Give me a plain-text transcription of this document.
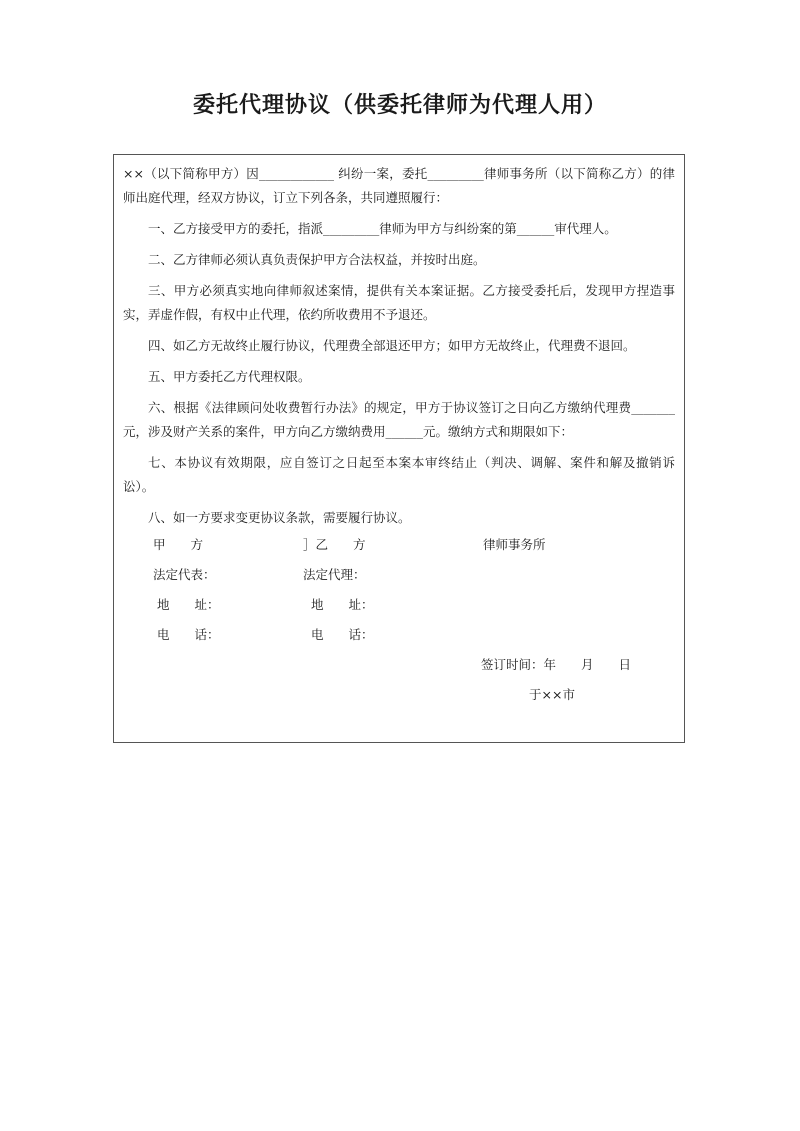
委托代理协议（供委托律师为代理人用）

××（以下简称甲方）因____________ 纠纷一案，委托_________律师事务所（以下简称乙方）的律师出庭代理，经双方协议，订立下列各条，共同遵照履行：

一、乙方接受甲方的委托，指派_________律师为甲方与纠纷案的第______审代理人。

二、乙方律师必须认真负责保护甲方合法权益，并按时出庭。

三、甲方必须真实地向律师叙述案情，提供有关本案证据。乙方接受委托后，发现甲方捏造事实，弄虚作假，有权中止代理，依约所收费用不予退还。

四、如乙方无故终止履行协议，代理费全部退还甲方；如甲方无故终止，代理费不退回。

五、甲方委托乙方代理权限。

六、根据《法律顾问处收费暂行办法》的规定，甲方于协议签订之日向乙方缴纳代理费_______元，涉及财产关系的案件，甲方向乙方缴纳费用______元。缴纳方式和期限如下：

七、本协议有效期限，应自签订之日起至本案本审终结止（判决、调解、案件和解及撤销诉讼）。

八、如一方要求变更协议条款，需要履行协议。

甲　　方	］乙　　方	律师事务所
法定代表：	法定代理：
地　　址：	地　　址：
电　　话：	电　　话：
签订时间：年　　月　　日
于××市
